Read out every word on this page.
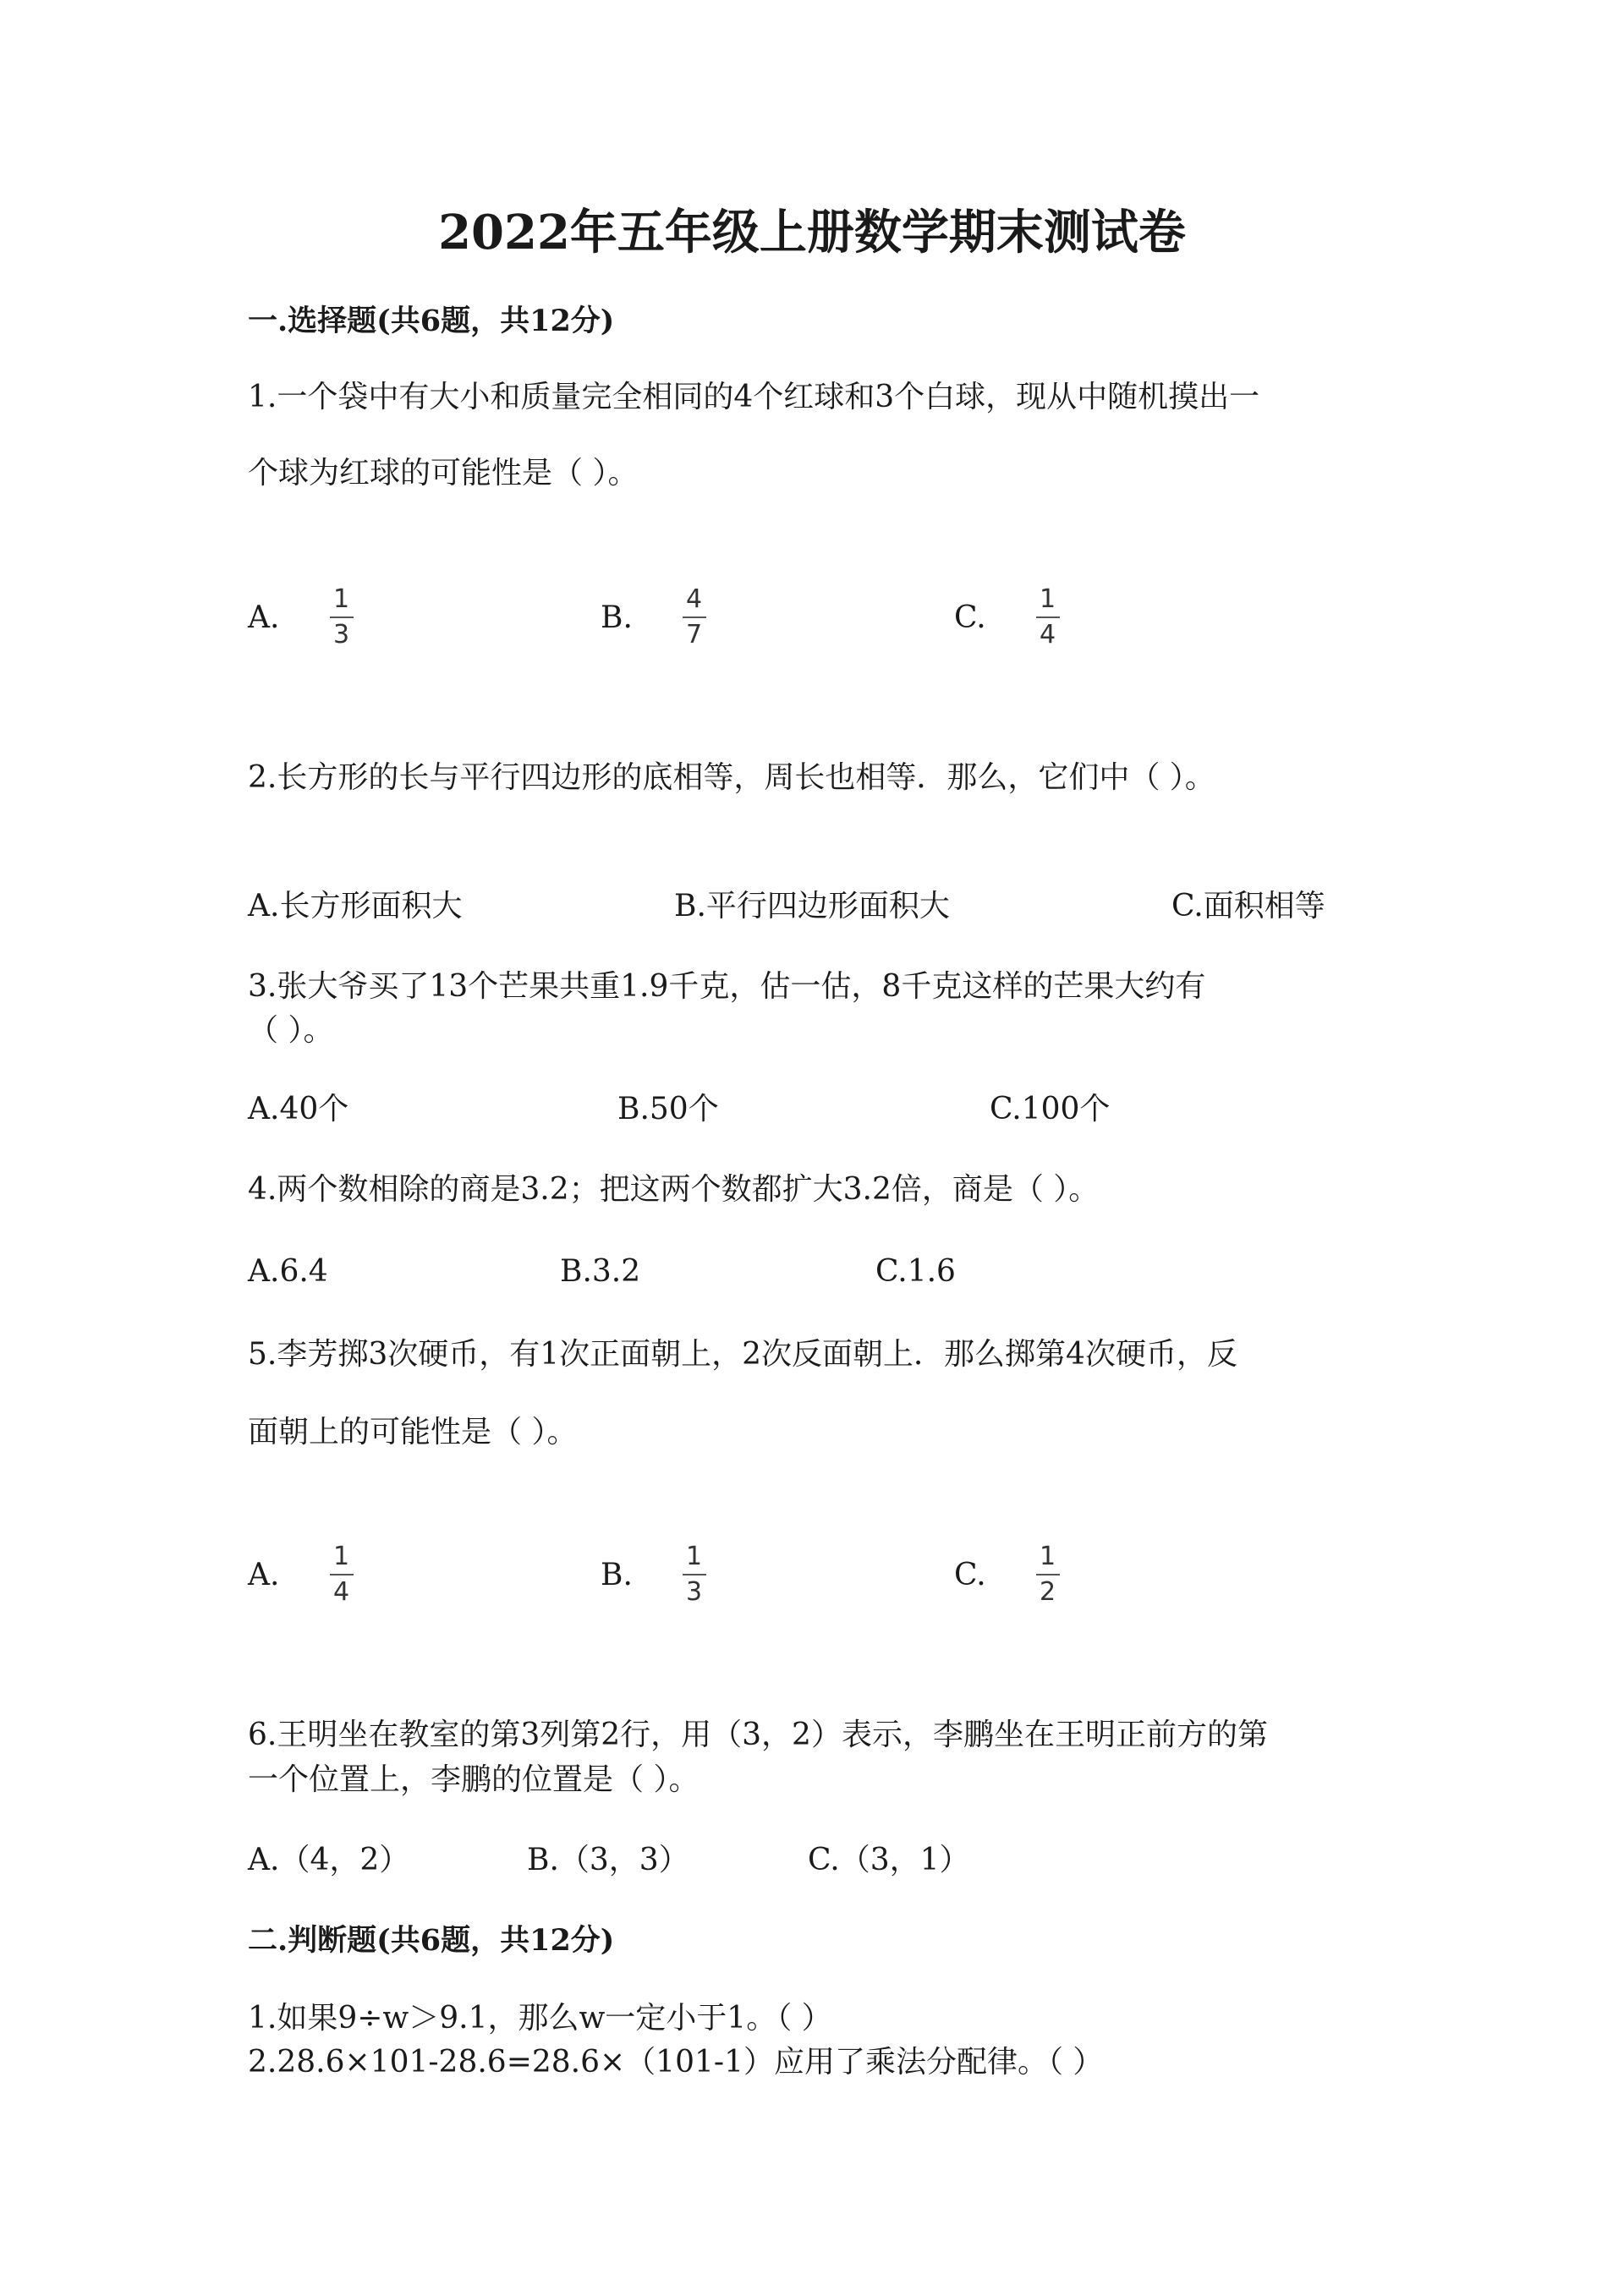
2022年五年级上册数学期末测试卷
一.选择题(共6题，共12分)
1.一个袋中有大小和质量完全相同的4个红球和3个白球，现从中随机摸出一
个球为红球的可能性是（ ）。
A.	$\frac{1}{3}$	B.	$\frac{4}{7}$	C.	$\frac{1}{4}$
2.长方形的长与平行四边形的底相等，周长也相等．那么，它们中（ ）。
A.长方形面积大	B.平行四边形面积大	C.面积相等
3.张大爷买了13个芒果共重1.9千克，估一估，8千克这样的芒果大约有
（ ）。
A.40个	B.50个	C.100个
4.两个数相除的商是3.2；把这两个数都扩大3.2倍，商是（ ）。
A.6.4	B.3.2	C.1.6
5.李芳掷3次硬币，有1次正面朝上，2次反面朝上．那么掷第4次硬币，反
面朝上的可能性是（ ）。
A.	$\frac{1}{4}$	B.	$\frac{1}{3}$	C.	$\frac{1}{2}$
6.王明坐在教室的第3列第2行，用（3，2）表示，李鹏坐在王明正前方的第
一个位置上，李鹏的位置是（ ）。
A.（4，2）	B.（3，3）	C.（3，1）
二.判断题(共6题，共12分)
1.如果9÷w＞9.1，那么w一定小于1。（ ）
2.28.6×101-28.6=28.6×（101-1）应用了乘法分配律。（ ）
